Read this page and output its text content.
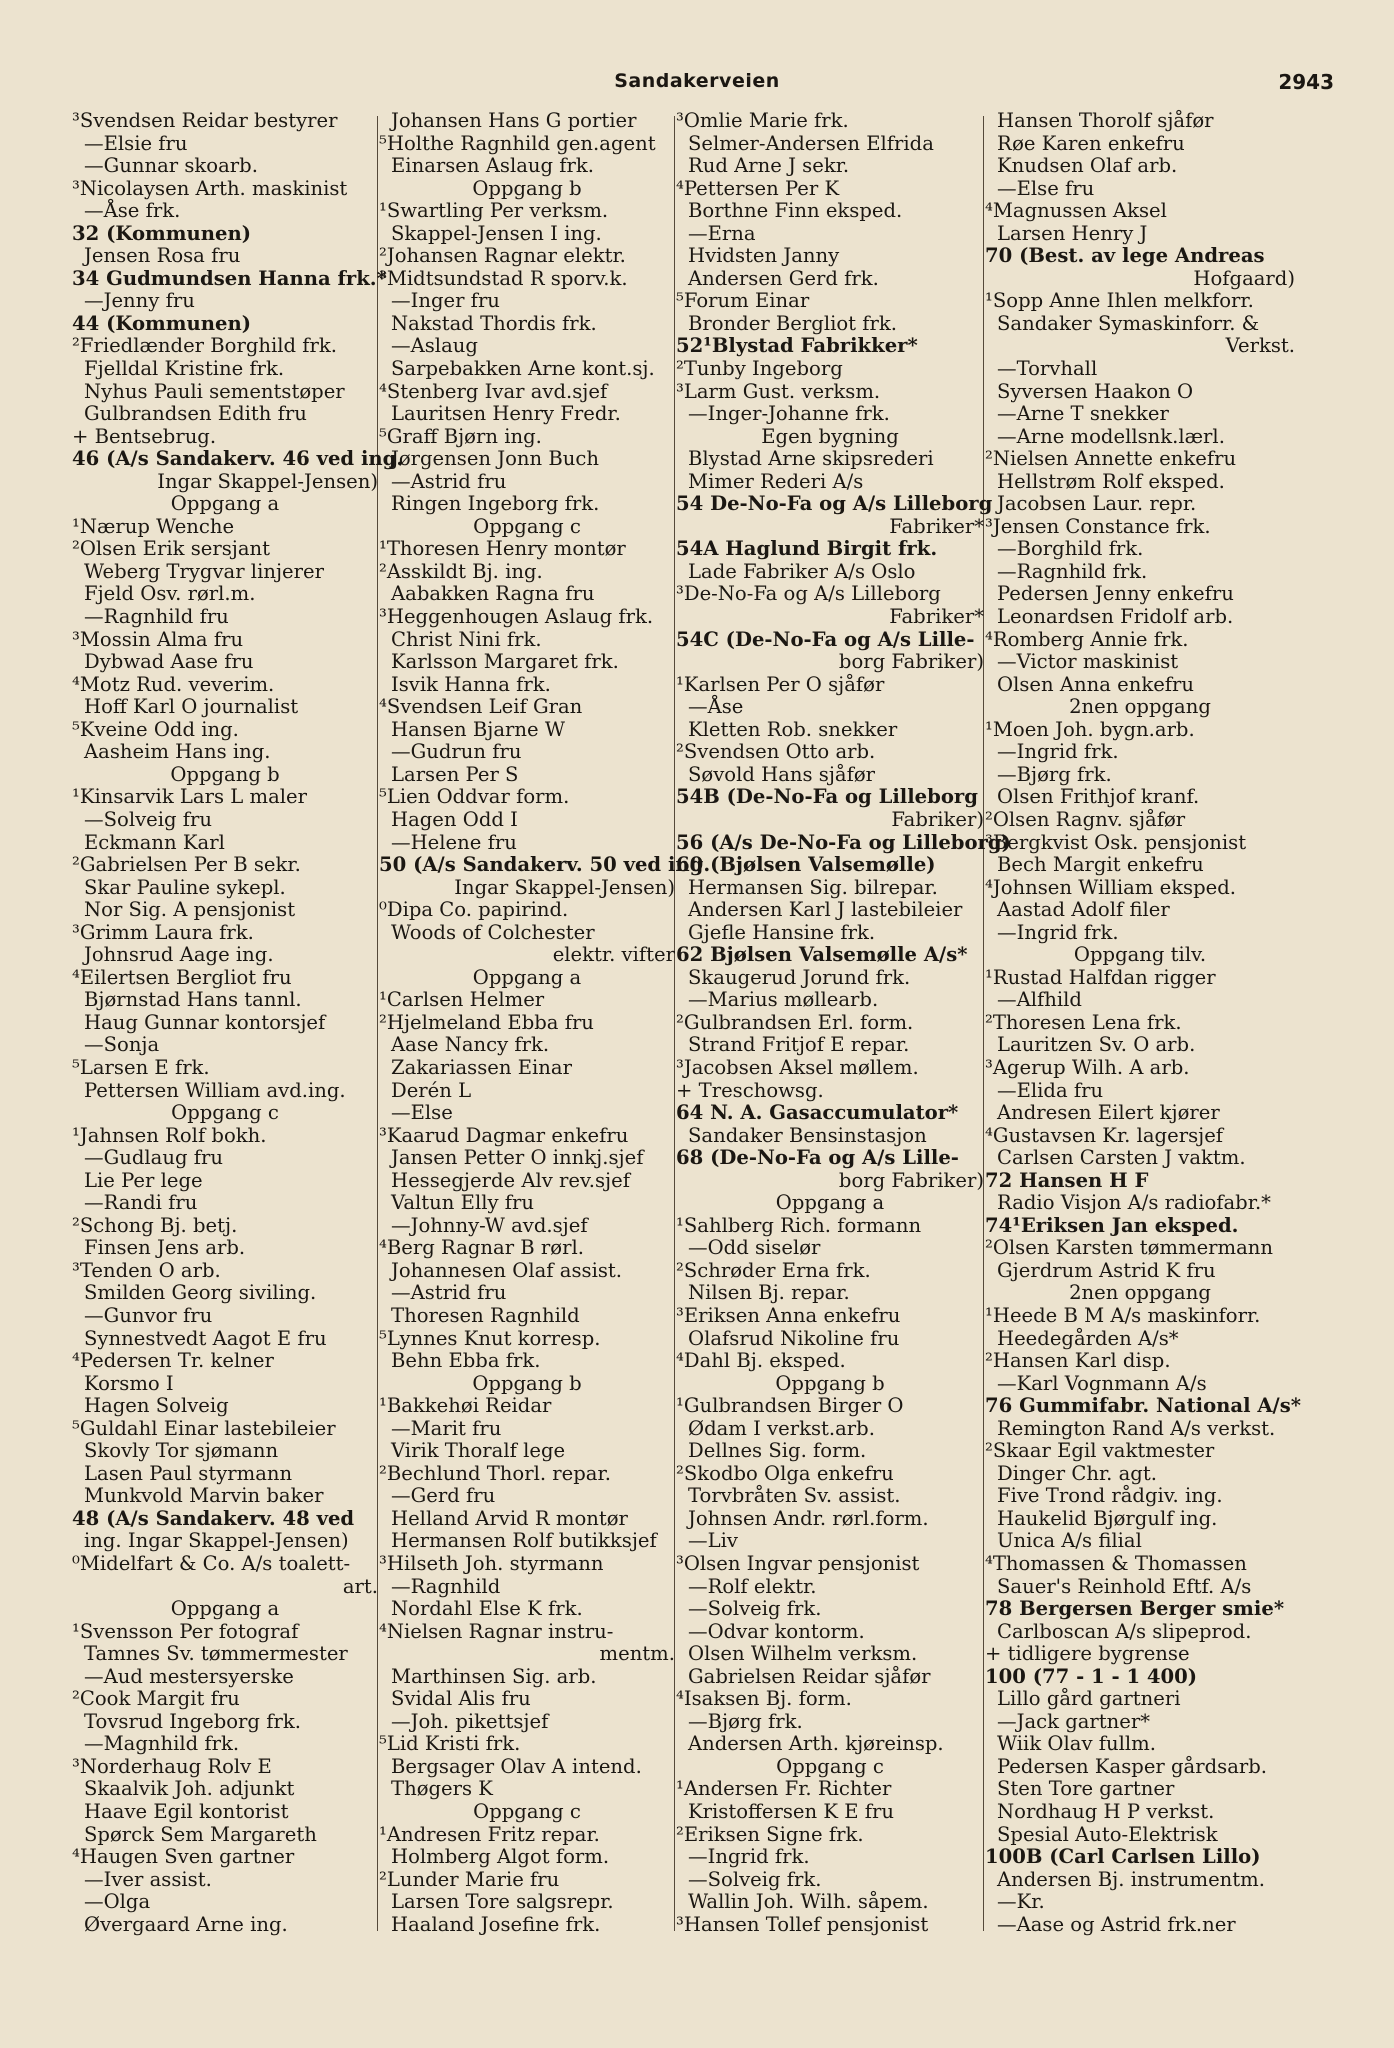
Sandakerveien	2943
³Svendsen Reidar bestyrer
—Elsie fru
—Gunnar skoarb.
³Nicolaysen Arth. maskinist
—Åse frk.
32 (Kommunen)
Jensen Rosa fru
34 Gudmundsen Hanna frk.*
—Jenny fru
44 (Kommunen)
²Friedlænder Borghild frk.
Fjelldal Kristine frk.
Nyhus Pauli sementstøper
Gulbrandsen Edith fru
+ Bentsebrug.
46 (A/s Sandakerv. 46 ved ing.
Ingar Skappel-Jensen)
Oppgang a
¹Nærup Wenche
²Olsen Erik sersjant
Weberg Trygvar linjerer
Fjeld Osv. rørl.m.
—Ragnhild fru
³Mossin Alma fru
Dybwad Aase fru
⁴Motz Rud. veverim.
Hoff Karl O journalist
⁵Kveine Odd ing.
Aasheim Hans ing.
Oppgang b
¹Kinsarvik Lars L maler
—Solveig fru
Eckmann Karl
²Gabrielsen Per B sekr.
Skar Pauline sykepl.
Nor Sig. A pensjonist
³Grimm Laura frk.
Johnsrud Aage ing.
⁴Eilertsen Bergliot fru
Bjørnstad Hans tannl.
Haug Gunnar kontorsjef
—Sonja
⁵Larsen E frk.
Pettersen William avd.ing.
Oppgang c
¹Jahnsen Rolf bokh.
—Gudlaug fru
Lie Per lege
—Randi fru
²Schong Bj. betj.
Finsen Jens arb.
³Tenden O arb.
Smilden Georg siviling.
—Gunvor fru
Synnestvedt Aagot E fru
⁴Pedersen Tr. kelner
Korsmo I
Hagen Solveig
⁵Guldahl Einar lastebileier
Skovly Tor sjømann
Lasen Paul styrmann
Munkvold Marvin baker
48 (A/s Sandakerv. 48 ved
ing. Ingar Skappel-Jensen)
⁰Midelfart & Co. A/s toalett-
art.
Oppgang a
¹Svensson Per fotograf
Tamnes Sv. tømmermester
—Aud mestersyerske
²Cook Margit fru
Tovsrud Ingeborg frk.
—Magnhild frk.
³Norderhaug Rolv E
Skaalvik Joh. adjunkt
Haave Egil kontorist
Spørck Sem Margareth
⁴Haugen Sven gartner
—Iver assist.
—Olga
Øvergaard Arne ing.
Johansen Hans G portier
⁵Holthe Ragnhild gen.agent
Einarsen Aslaug frk.
Oppgang b
¹Swartling Per verksm.
Skappel-Jensen I ing.
²Johansen Ragnar elektr.
³Midtsundstad R sporv.k.
—Inger fru
Nakstad Thordis frk.
—Aslaug
Sarpebakken Arne kont.sj.
⁴Stenberg Ivar avd.sjef
Lauritsen Henry Fredr.
⁵Graff Bjørn ing.
Jørgensen Jonn Buch
—Astrid fru
Ringen Ingeborg frk.
Oppgang c
¹Thoresen Henry montør
²Asskildt Bj. ing.
Aabakken Ragna fru
³Heggenhougen Aslaug frk.
Christ Nini frk.
Karlsson Margaret frk.
Isvik Hanna frk.
⁴Svendsen Leif Gran
Hansen Bjarne W
—Gudrun fru
Larsen Per S
⁵Lien Oddvar form.
Hagen Odd I
—Helene fru
50 (A/s Sandakerv. 50 ved ing.
Ingar Skappel-Jensen)
⁰Dipa Co. papirind.
Woods of Colchester
elektr. vifter
Oppgang a
¹Carlsen Helmer
²Hjelmeland Ebba fru
Aase Nancy frk.
Zakariassen Einar
Derén L
—Else
³Kaarud Dagmar enkefru
Jansen Petter O innkj.sjef
Hessegjerde Alv rev.sjef
Valtun Elly fru
—Johnny-W avd.sjef
⁴Berg Ragnar B rørl.
Johannesen Olaf assist.
—Astrid fru
Thoresen Ragnhild
⁵Lynnes Knut korresp.
Behn Ebba frk.
Oppgang b
¹Bakkehøi Reidar
—Marit fru
Virik Thoralf lege
²Bechlund Thorl. repar.
—Gerd fru
Helland Arvid R montør
Hermansen Rolf butikksjef
³Hilseth Joh. styrmann
—Ragnhild
Nordahl Else K frk.
⁴Nielsen Ragnar instru-
mentm.
Marthinsen Sig. arb.
Svidal Alis fru
—Joh. pikettsjef
⁵Lid Kristi frk.
Bergsager Olav A intend.
Thøgers K
Oppgang c
¹Andresen Fritz repar.
Holmberg Algot form.
²Lunder Marie fru
Larsen Tore salgsrepr.
Haaland Josefine frk.
³Omlie Marie frk.
Selmer-Andersen Elfrida
Rud Arne J sekr.
⁴Pettersen Per K
Borthne Finn eksped.
—Erna
Hvidsten Janny
Andersen Gerd frk.
⁵Forum Einar
Bronder Bergliot frk.
52¹Blystad Fabrikker*
²Tunby Ingeborg
³Larm Gust. verksm.
—Inger-Johanne frk.
Egen bygning
Blystad Arne skipsrederi
Mimer Rederi A/s
54 De-No-Fa og A/s Lilleborg
Fabriker*
54A Haglund Birgit frk.
Lade Fabriker A/s Oslo
³De-No-Fa og A/s Lilleborg
Fabriker*
54C (De-No-Fa og A/s Lille-
borg Fabriker)
¹Karlsen Per O sjåfør
—Åse
Kletten Rob. snekker
²Svendsen Otto arb.
Søvold Hans sjåfør
54B (De-No-Fa og Lilleborg
Fabriker)
56 (A/s De-No-Fa og Lilleborg)
60 (Bjølsen Valsemølle)
Hermansen Sig. bilrepar.
Andersen Karl J lastebileier
Gjefle Hansine frk.
62 Bjølsen Valsemølle A/s*
Skaugerud Jorund frk.
—Marius møllearb.
²Gulbrandsen Erl. form.
Strand Fritjof E repar.
³Jacobsen Aksel møllem.
+ Treschowsg.
64 N. A. Gasaccumulator*
Sandaker Bensinstasjon
68 (De-No-Fa og A/s Lille-
borg Fabriker)
Oppgang a
¹Sahlberg Rich. formann
—Odd siselør
²Schrøder Erna frk.
Nilsen Bj. repar.
³Eriksen Anna enkefru
Olafsrud Nikoline fru
⁴Dahl Bj. eksped.
Oppgang b
¹Gulbrandsen Birger O
Ødam I verkst.arb.
Dellnes Sig. form.
²Skodbo Olga enkefru
Torvbråten Sv. assist.
Johnsen Andr. rørl.form.
—Liv
³Olsen Ingvar pensjonist
—Rolf elektr.
—Solveig frk.
—Odvar kontorm.
Olsen Wilhelm verksm.
Gabrielsen Reidar sjåfør
⁴Isaksen Bj. form.
—Bjørg frk.
Andersen Arth. kjøreinsp.
Oppgang c
¹Andersen Fr. Richter
Kristoffersen K E fru
²Eriksen Signe frk.
—Ingrid frk.
—Solveig frk.
Wallin Joh. Wilh. såpem.
³Hansen Tollef pensjonist
Hansen Thorolf sjåfør
Røe Karen enkefru
Knudsen Olaf arb.
—Else fru
⁴Magnussen Aksel
Larsen Henry J
70 (Best. av lege Andreas
Hofgaard)
¹Sopp Anne Ihlen melkforr.
Sandaker Symaskinforr. &
Verkst.
—Torvhall
Syversen Haakon O
—Arne T snekker
—Arne modellsnk.lærl.
²Nielsen Annette enkefru
Hellstrøm Rolf eksped.
Jacobsen Laur. repr.
³Jensen Constance frk.
—Borghild frk.
—Ragnhild frk.
Pedersen Jenny enkefru
Leonardsen Fridolf arb.
⁴Romberg Annie frk.
—Victor maskinist
Olsen Anna enkefru
2nen oppgang
¹Moen Joh. bygn.arb.
—Ingrid frk.
—Bjørg frk.
Olsen Frithjof kranf.
²Olsen Ragnv. sjåfør
³Bergkvist Osk. pensjonist
Bech Margit enkefru
⁴Johnsen William eksped.
Aastad Adolf filer
—Ingrid frk.
Oppgang tilv.
¹Rustad Halfdan rigger
—Alfhild
²Thoresen Lena frk.
Lauritzen Sv. O arb.
³Agerup Wilh. A arb.
—Elida fru
Andresen Eilert kjører
⁴Gustavsen Kr. lagersjef
Carlsen Carsten J vaktm.
72 Hansen H F
Radio Visjon A/s radiofabr.*
74¹Eriksen Jan eksped.
²Olsen Karsten tømmermann
Gjerdrum Astrid K fru
2nen oppgang
¹Heede B M A/s maskinforr.
Heedegården A/s*
²Hansen Karl disp.
—Karl Vognmann A/s
76 Gummifabr. National A/s*
Remington Rand A/s verkst.
²Skaar Egil vaktmester
Dinger Chr. agt.
Five Trond rådgiv. ing.
Haukelid Bjørgulf ing.
Unica A/s filial
⁴Thomassen & Thomassen
Sauer's Reinhold Eftf. A/s
78 Bergersen Berger smie*
Carlboscan A/s slipeprod.
+ tidligere bygrense
100 (77 - 1 - 1 400)
Lillo gård gartneri
—Jack gartner*
Wiik Olav fullm.
Pedersen Kasper gårdsarb.
Sten Tore gartner
Nordhaug H P verkst.
Spesial Auto-Elektrisk
100B (Carl Carlsen Lillo)
Andersen Bj. instrumentm.
—Kr.
—Aase og Astrid frk.ner
